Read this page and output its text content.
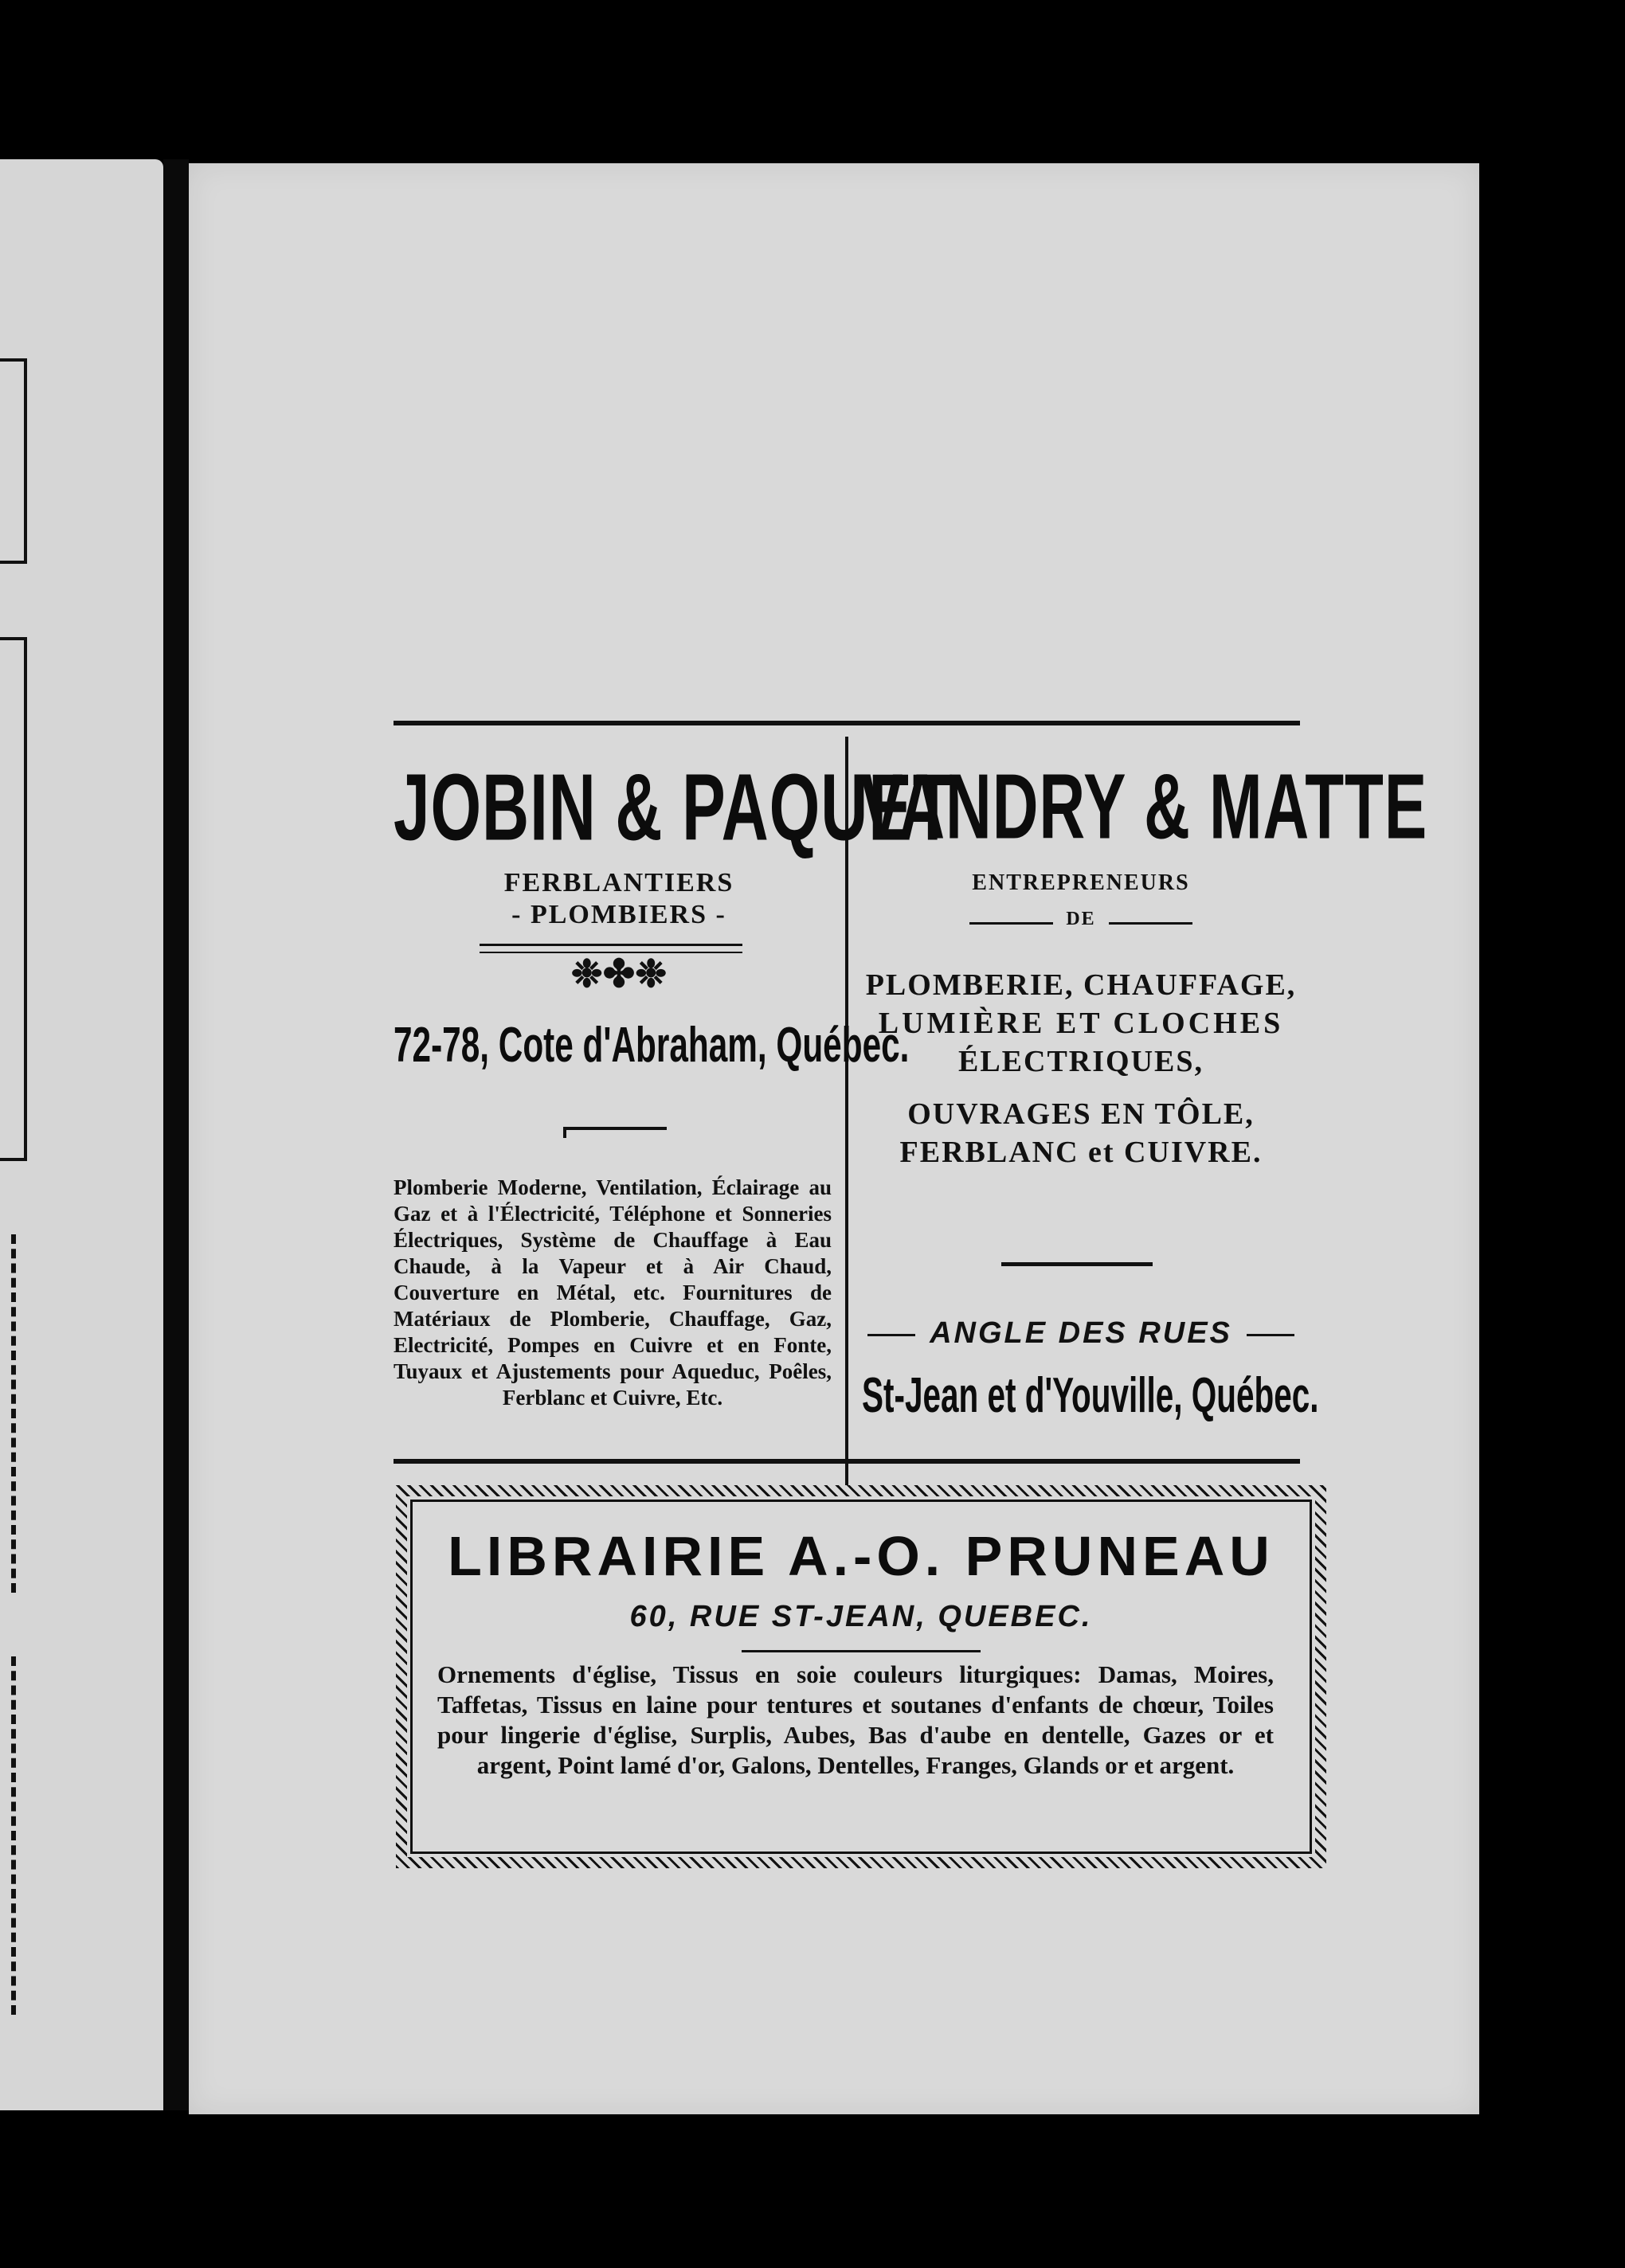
JOBIN & PAQUET
FERBLANTIERS
- PLOMBIERS -
❉✤❉
72-78, Cote d'Abraham, Québec.
Plomberie Moderne, Ventilation, Éclairage au Gaz et à l'Électricité, Téléphone et Sonneries Électriques, Système de Chauffage à Eau Chaude, à la Vapeur et à Air Chaud, Couverture en Métal, etc. Fournitures de Matériaux de Plomberie, Chauffage, Gaz, Electricité, Pompes en Cuivre et en Fonte, Tuyaux et Ajustements pour Aqueduc, Poêles, Ferblanc et Cuivre, Etc.
VANDRY & MATTE
ENTREPRENEURS
DE
PLOMBERIE, CHAUFFAGE,
LUMIÈRE ET CLOCHES
ÉLECTRIQUES,
OUVRAGES EN TÔLE,
FERBLANC et CUIVRE.
ANGLE DES RUES
St-Jean et d'Youville, Québec.
LIBRAIRIE A.-O. PRUNEAU
60, RUE ST-JEAN, QUEBEC.
Ornements d'église, Tissus en soie couleurs liturgiques: Damas, Moires, Taffetas, Tissus en laine pour tentures et soutanes d'enfants de chœur, Toiles pour lingerie d'église, Surplis, Aubes, Bas d'aube en dentelle, Gazes or et argent, Point lamé d'or, Galons, Dentelles, Franges, Glands or et argent.
